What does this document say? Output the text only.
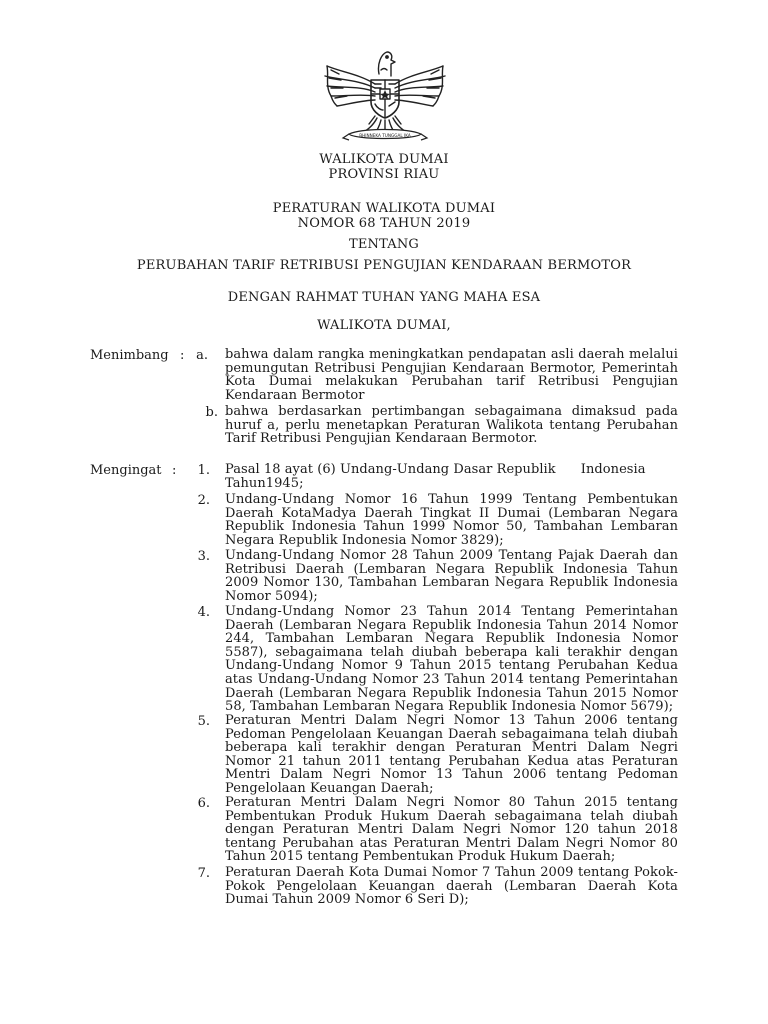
BHINNEKA TUNGGAL IKA
WALIKOTA DUMAI
PROVINSI RIAU
PERATURAN WALIKOTA DUMAI
NOMOR 68 TAHUN 2019
TENTANG
PERUBAHAN TARIF RETRIBUSI PENGUJIAN KENDARAAN BERMOTOR
DENGAN RAHMAT TUHAN YANG MAHA ESA
WALIKOTA DUMAI,
Menimbang : a. bahwa dalam rangka meningkatkan pendapatan asli daerah melalui pemungutan Retribusi Pengujian Kendaraan Bermotor, Pemerintah Kota Dumai melakukan Perubahan tarif Retribusi Pengujian Kendaraan Bermotor
b. bahwa berdasarkan pertimbangan sebagaimana dimaksud pada huruf a, perlu menetapkan Peraturan Walikota tentang Perubahan Tarif Retribusi Pengujian Kendaraan Bermotor.
Mengingat :	1. Pasal 18 ayat (6) Undang-Undang Dasar Republik      Indonesia Tahun1945;
2. Undang-Undang Nomor 16 Tahun 1999 Tentang Pembentukan Daerah KotaMadya Daerah Tingkat II Dumai (Lembaran Negara Republik Indonesia Tahun 1999 Nomor 50, Tambahan Lembaran Negara Republik Indonesia Nomor 3829);
3. Undang-Undang Nomor 28 Tahun 2009 Tentang Pajak Daerah dan Retribusi Daerah (Lembaran Negara Republik Indonesia Tahun 2009 Nomor 130, Tambahan Lembaran Negara Republik Indonesia Nomor 5094);
4. Undang-Undang Nomor 23 Tahun 2014 Tentang Pemerintahan Daerah (Lembaran Negara Republik Indonesia Tahun 2014 Nomor 244, Tambahan Lembaran Negara Republik Indonesia Nomor 5587), sebagaimana telah diubah beberapa kali terakhir dengan Undang-Undang Nomor 9 Tahun 2015 tentang Perubahan Kedua atas Undang-Undang Nomor 23 Tahun 2014 tentang Pemerintahan Daerah (Lembaran Negara Republik Indonesia Tahun 2015 Nomor 58, Tambahan Lembaran Negara Republik Indonesia Nomor 5679);
5. Peraturan Mentri Dalam Negri Nomor 13 Tahun 2006 tentang Pedoman Pengelolaan Keuangan Daerah sebagaimana telah diubah beberapa kali terakhir dengan Peraturan Mentri Dalam Negri Nomor 21 tahun 2011 tentang Perubahan Kedua atas Peraturan Mentri Dalam Negri Nomor 13 Tahun 2006 tentang Pedoman Pengelolaan Keuangan Daerah;
6. Peraturan Mentri Dalam Negri Nomor 80 Tahun 2015 tentang Pembentukan Produk Hukum Daerah sebagaimana telah diubah dengan Peraturan Mentri Dalam Negri Nomor 120 tahun 2018 tentang Perubahan atas Peraturan Mentri Dalam Negri Nomor 80 Tahun 2015 tentang Pembentukan Produk Hukum Daerah;
7. Peraturan Daerah Kota Dumai Nomor 7 Tahun 2009 tentang Pokok-Pokok Pengelolaan Keuangan daerah (Lembaran Daerah Kota Dumai Tahun 2009 Nomor 6 Seri D);
